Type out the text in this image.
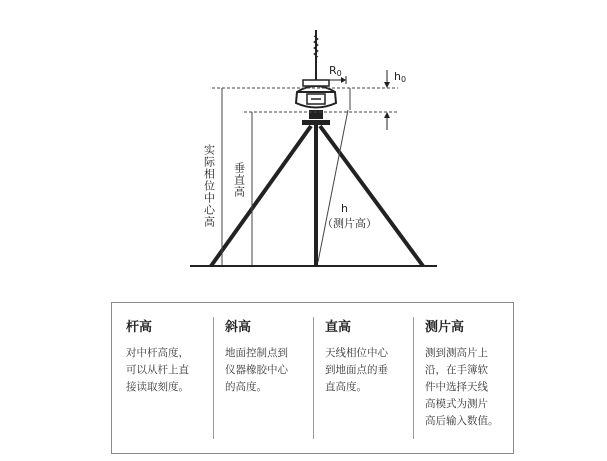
R0	h0
实际相位中心高 垂直高
h
（测片高）
杆高
对中杆高度，
可以从杆上直
接读取刻度。
斜高
地面控制点到
仪器橡胶中心
的高度。
直高
天线相位中心
到地面点的垂
直高度。
测片高
测到测高片上
沿，在手簿软
件中选择天线
高模式为测片
高后输入数值。
